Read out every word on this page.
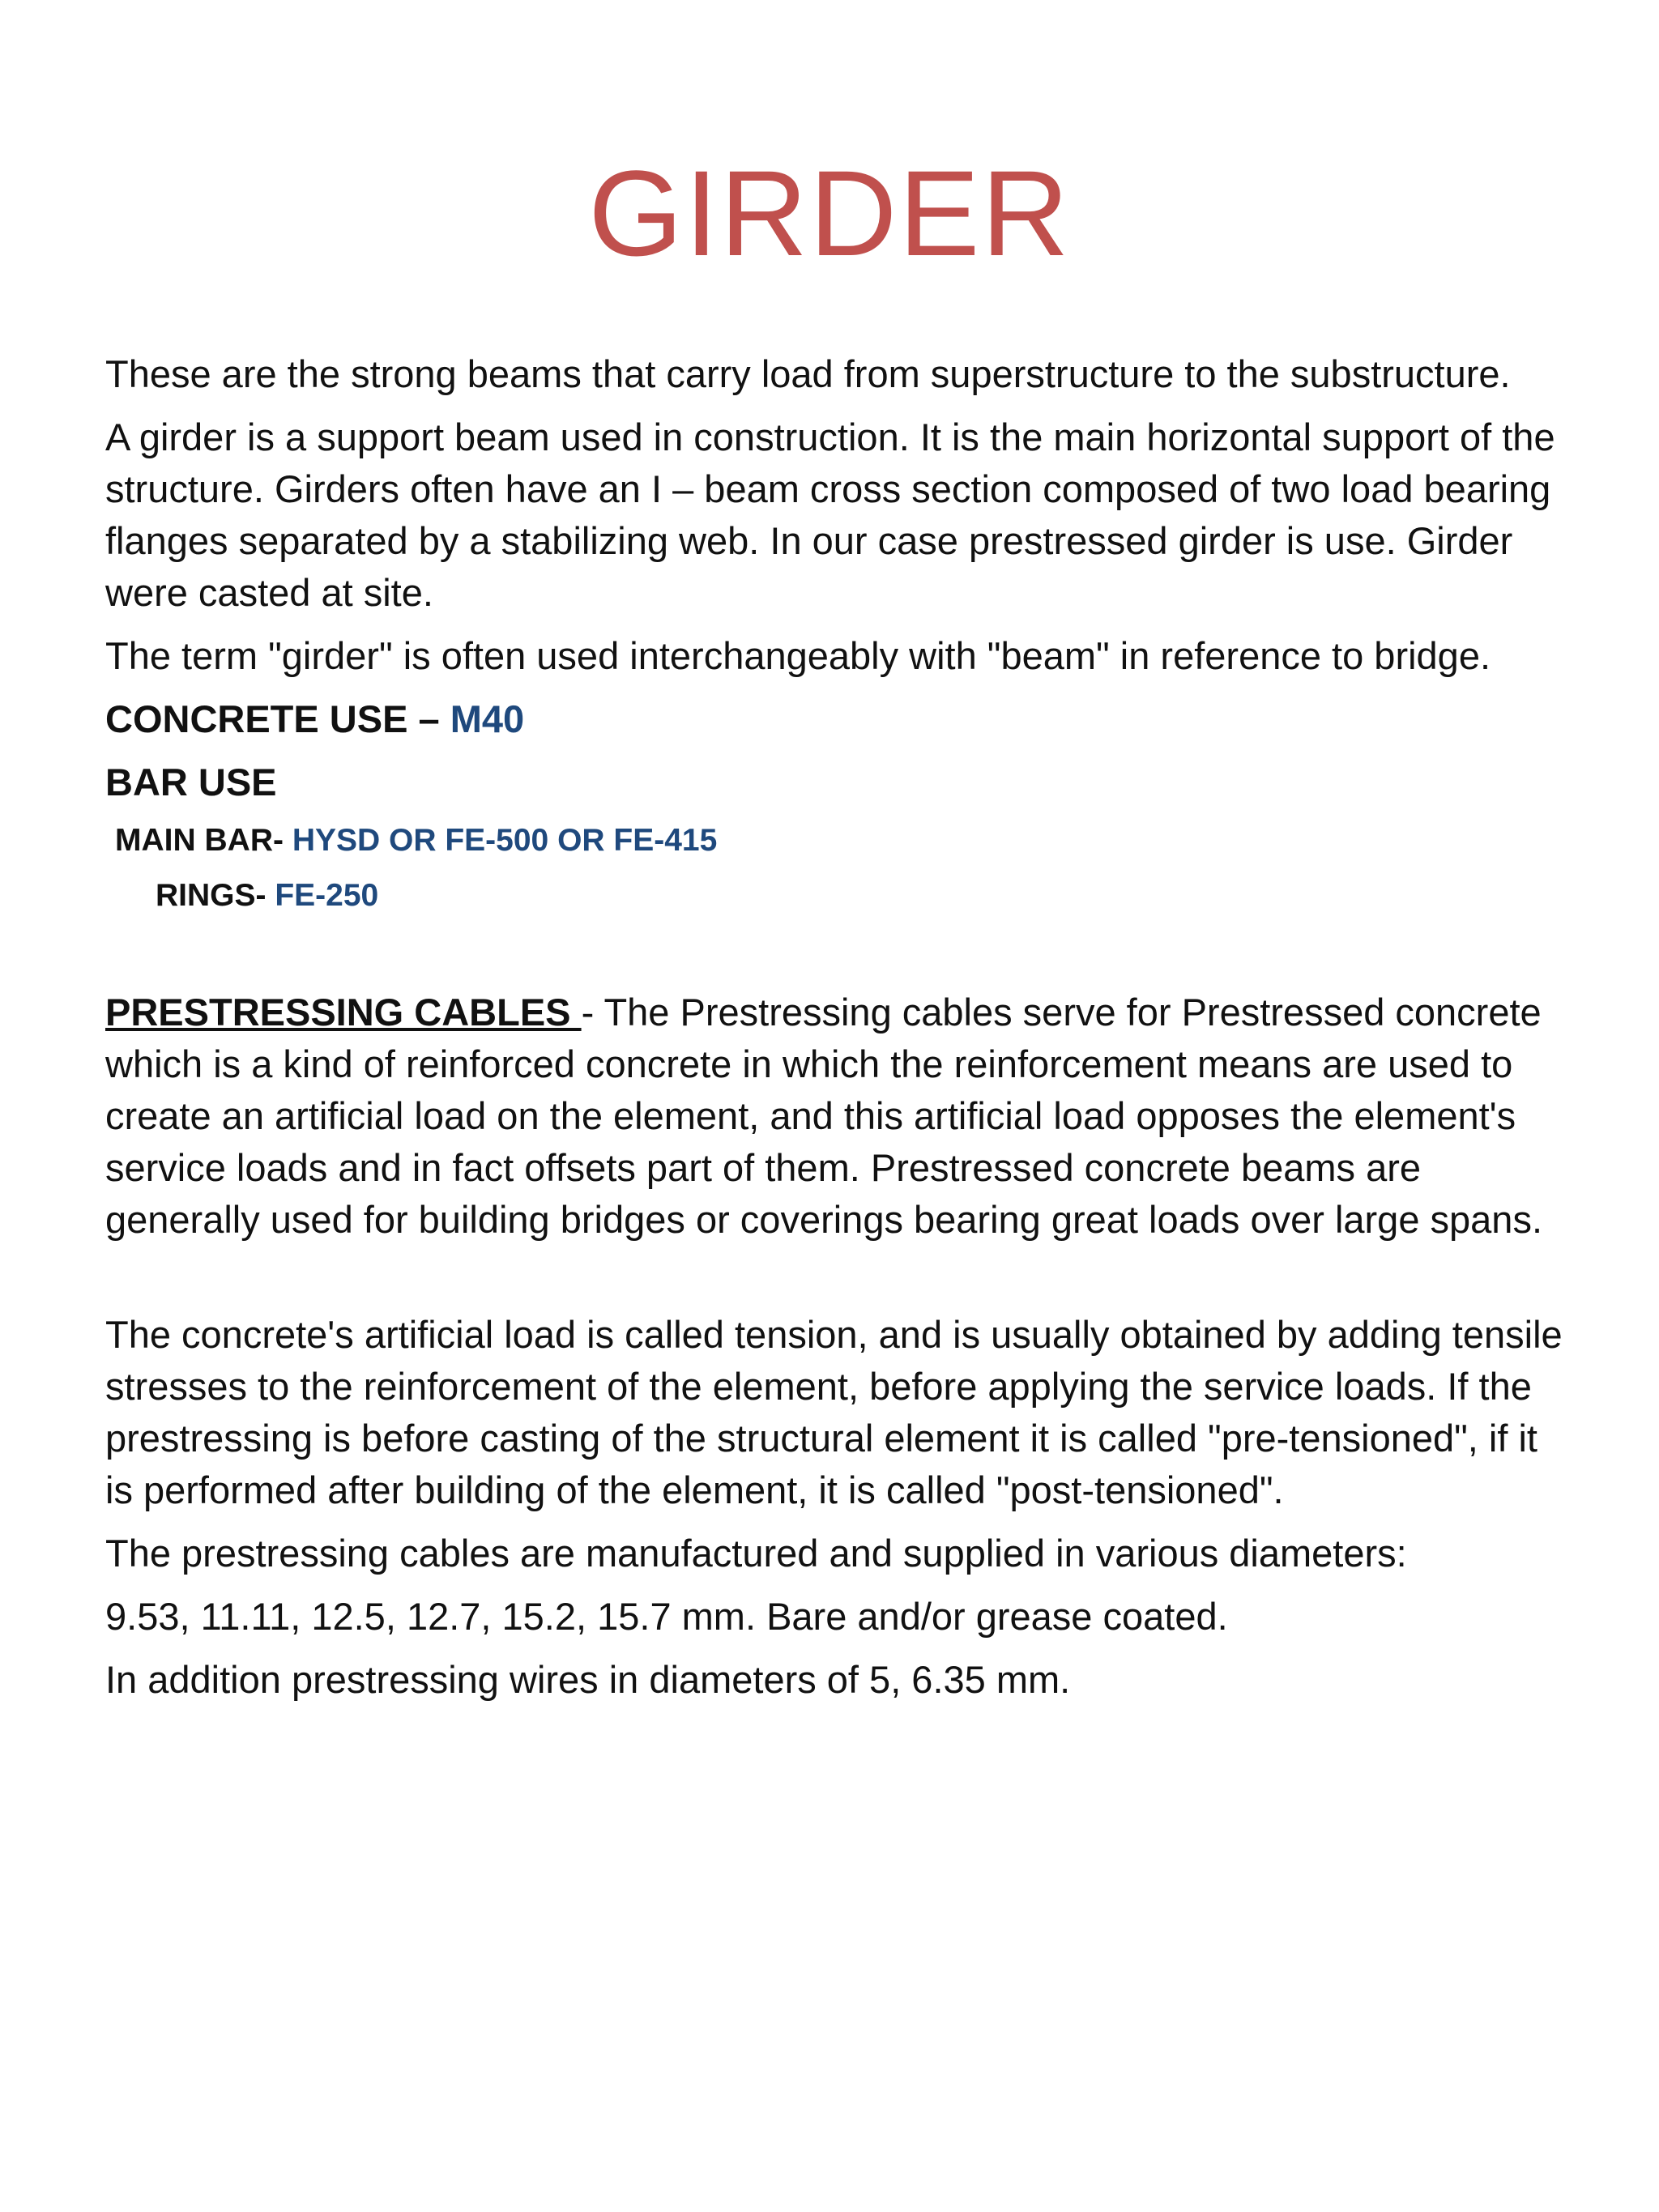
GIRDER

These are the strong beams that carry load from superstructure to the substructure.

A girder is a support beam used in construction. It is the main horizontal support of the structure. Girders often have an I – beam cross section composed of two load bearing flanges separated by a stabilizing web. In our case prestressed girder is use. Girder were casted at site.

The term "girder" is often used interchangeably with "beam" in reference to bridge.

CONCRETE USE – M40
BAR USE
MAIN BAR- HYSD OR FE-500 OR FE-415
RINGS- FE-250

PRESTRESSING CABLES - The Prestressing cables serve for Prestressed concrete which is a kind of reinforced concrete in which the reinforcement means are used to create an artificial load on the element, and this artificial load opposes the element's service loads and in fact offsets part of them. Prestressed concrete beams are generally used for building bridges or coverings bearing great loads over large spans.

The concrete's artificial load is called tension, and is usually obtained by adding tensile stresses to the reinforcement of the element, before applying the service loads. If the prestressing is before casting of the structural element it is called "pre-tensioned", if it is performed after building of the element, it is called "post-tensioned".

The prestressing cables are manufactured and supplied in various diameters:

9.53, 11.11, 12.5, 12.7, 15.2, 15.7 mm. Bare and/or grease coated.

In addition prestressing wires in diameters of 5, 6.35 mm.
